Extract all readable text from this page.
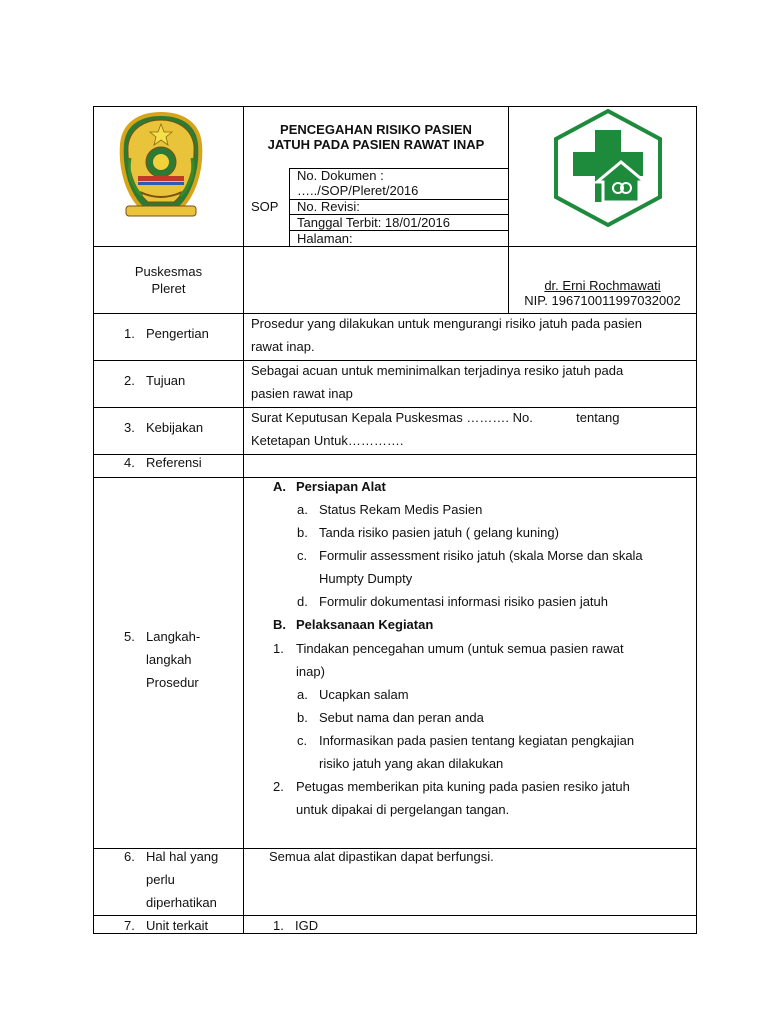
PENCEGAHAN RISIKO PASIEN
JATUH PADA PASIEN RAWAT INAP
SOP
No. Dokumen :
…../SOP/Pleret/2016
No. Revisi:
Tanggal Terbit: 18/01/2016
Halaman:
Puskesmas
Pleret	dr. Erni Rochmawati
NIP. 196710011997032002
1. Pengertian
Prosedur yang dilakukan untuk mengurangi risiko jatuh pada pasien
rawat inap.
2. Tujuan
Sebagai acuan untuk meminimalkan terjadinya resiko jatuh pada
pasien rawat inap
3. Kebijakan
Surat Keputusan Kepala Puskesmas ………. No.            tentang
Ketetapan Untuk………….
4. Referensi
5. Langkah-
langkah
Prosedur
A. Persiapan Alat
a. Status Rekam Medis Pasien
b. Tanda risiko pasien jatuh ( gelang kuning)
c. Formulir assessment risiko jatuh (skala Morse dan skala
Humpty Dumpty
d. Formulir dokumentasi informasi risiko pasien jatuh
B. Pelaksanaan Kegiatan
1. Tindakan pencegahan umum (untuk semua pasien rawat
inap)
a. Ucapkan salam
b. Sebut nama dan peran anda
c. Informasikan pada pasien tentang kegiatan pengkajian
risiko jatuh yang akan dilakukan
2. Petugas memberikan pita kuning pada pasien resiko jatuh
untuk dipakai di pergelangan tangan.
6. Hal hal yang
perlu
diperhatikan
Semua alat dipastikan dapat berfungsi.
7. Unit terkait	1. IGD
